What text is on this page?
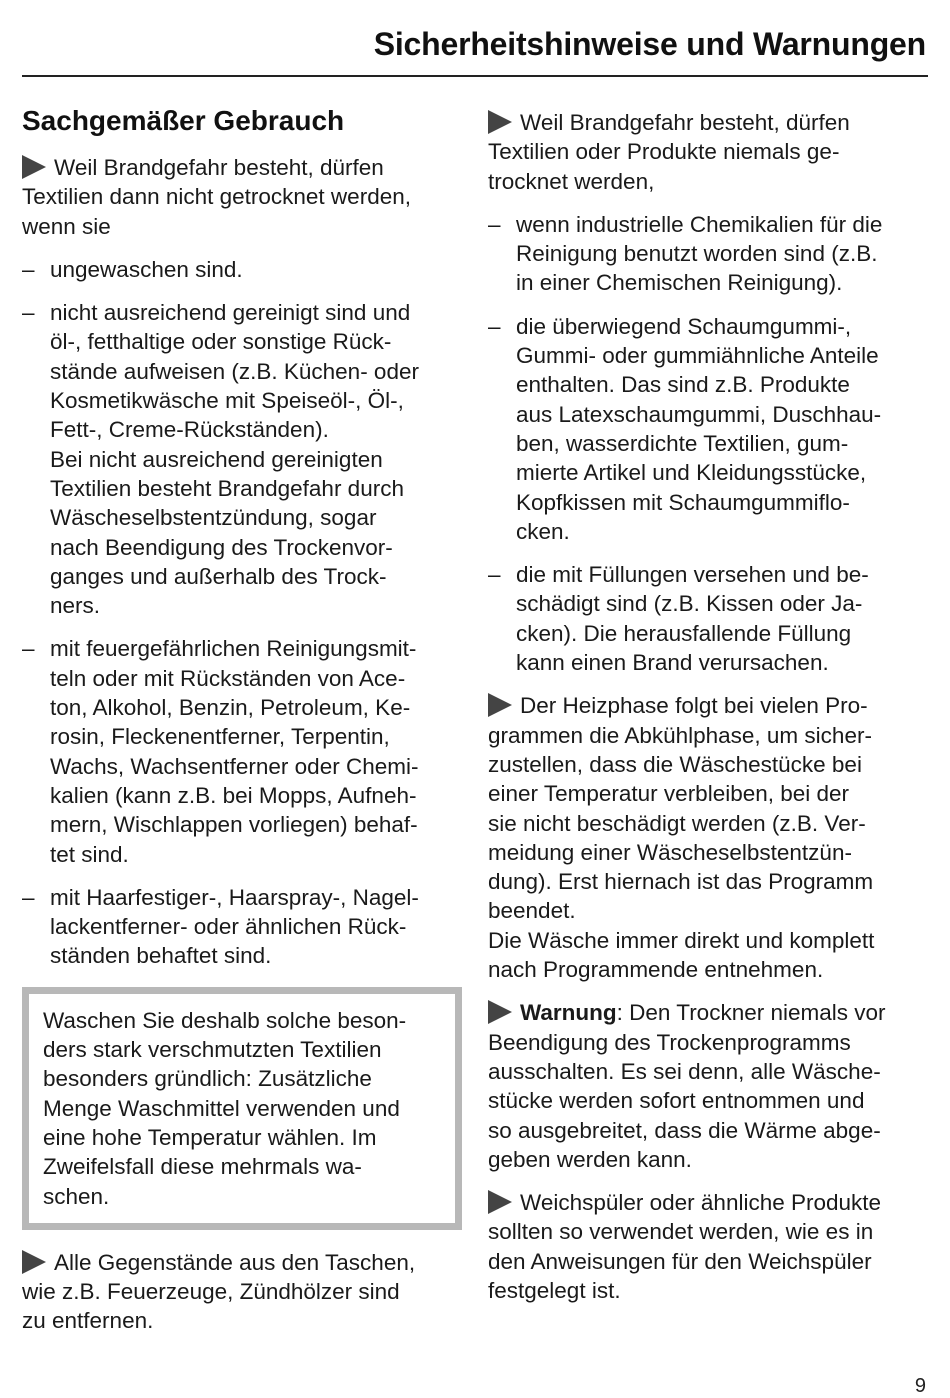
Sicherheitshinweise und Warnungen
Sachgemäßer Gebrauch
Weil Brandgefahr besteht, dürfen
Textilien dann nicht getrocknet werden,
wenn sie
– ungewaschen sind.
– nicht ausreichend gereinigt sind und
öl-, fetthaltige oder sonstige Rück-
stände aufweisen (z.B. Küchen- oder
Kosmetikwäsche mit Speiseöl-, Öl-,
Fett-, Creme-Rückständen).
Bei nicht ausreichend gereinigten
Textilien besteht Brandgefahr durch
Wäscheselbstentzündung, sogar
nach Beendigung des Trockenvor-
ganges und außerhalb des Trock-
ners.
– mit feuergefährlichen Reinigungsmit-
teln oder mit Rückständen von Ace-
ton, Alkohol, Benzin, Petroleum, Ke-
rosin, Fleckenentferner, Terpentin,
Wachs, Wachsentferner oder Chemi-
kalien (kann z.B. bei Mopps, Aufneh-
mern, Wischlappen vorliegen) behaf-
tet sind.
– mit Haarfestiger-, Haarspray-, Nagel-
lackentferner- oder ähnlichen Rück-
ständen behaftet sind.
Waschen Sie deshalb solche beson-
ders stark verschmutzten Textilien
besonders gründlich: Zusätzliche
Menge Waschmittel verwenden und
eine hohe Temperatur wählen. Im
Zweifelsfall diese mehrmals wa-
schen.
Alle Gegenstände aus den Taschen,
wie z.B. Feuerzeuge, Zündhölzer sind
zu entfernen.
Weil Brandgefahr besteht, dürfen
Textilien oder Produkte niemals ge-
trocknet werden,
– wenn industrielle Chemikalien für die
Reinigung benutzt worden sind (z.B.
in einer Chemischen Reinigung).
– die überwiegend Schaumgummi-,
Gummi- oder gummiähnliche Anteile
enthalten. Das sind z.B. Produkte
aus Latexschaumgummi, Duschhau-
ben, wasserdichte Textilien, gum-
mierte Artikel und Kleidungsstücke,
Kopfkissen mit Schaumgummiflo-
cken.
– die mit Füllungen versehen und be-
schädigt sind (z.B. Kissen oder Ja-
cken). Die herausfallende Füllung
kann einen Brand verursachen.
Der Heizphase folgt bei vielen Pro-
grammen die Abkühlphase, um sicher-
zustellen, dass die Wäschestücke bei
einer Temperatur verbleiben, bei der
sie nicht beschädigt werden (z.B. Ver-
meidung einer Wäscheselbstentzün-
dung). Erst hiernach ist das Programm
beendet.
Die Wäsche immer direkt und komplett
nach Programmende entnehmen.
Warnung: Den Trockner niemals vor
Beendigung des Trockenprogramms
ausschalten. Es sei denn, alle Wäsche-
stücke werden sofort entnommen und
so ausgebreitet, dass die Wärme abge-
geben werden kann.
Weichspüler oder ähnliche Produkte
sollten so verwendet werden, wie es in
den Anweisungen für den Weichspüler
festgelegt ist.
9
